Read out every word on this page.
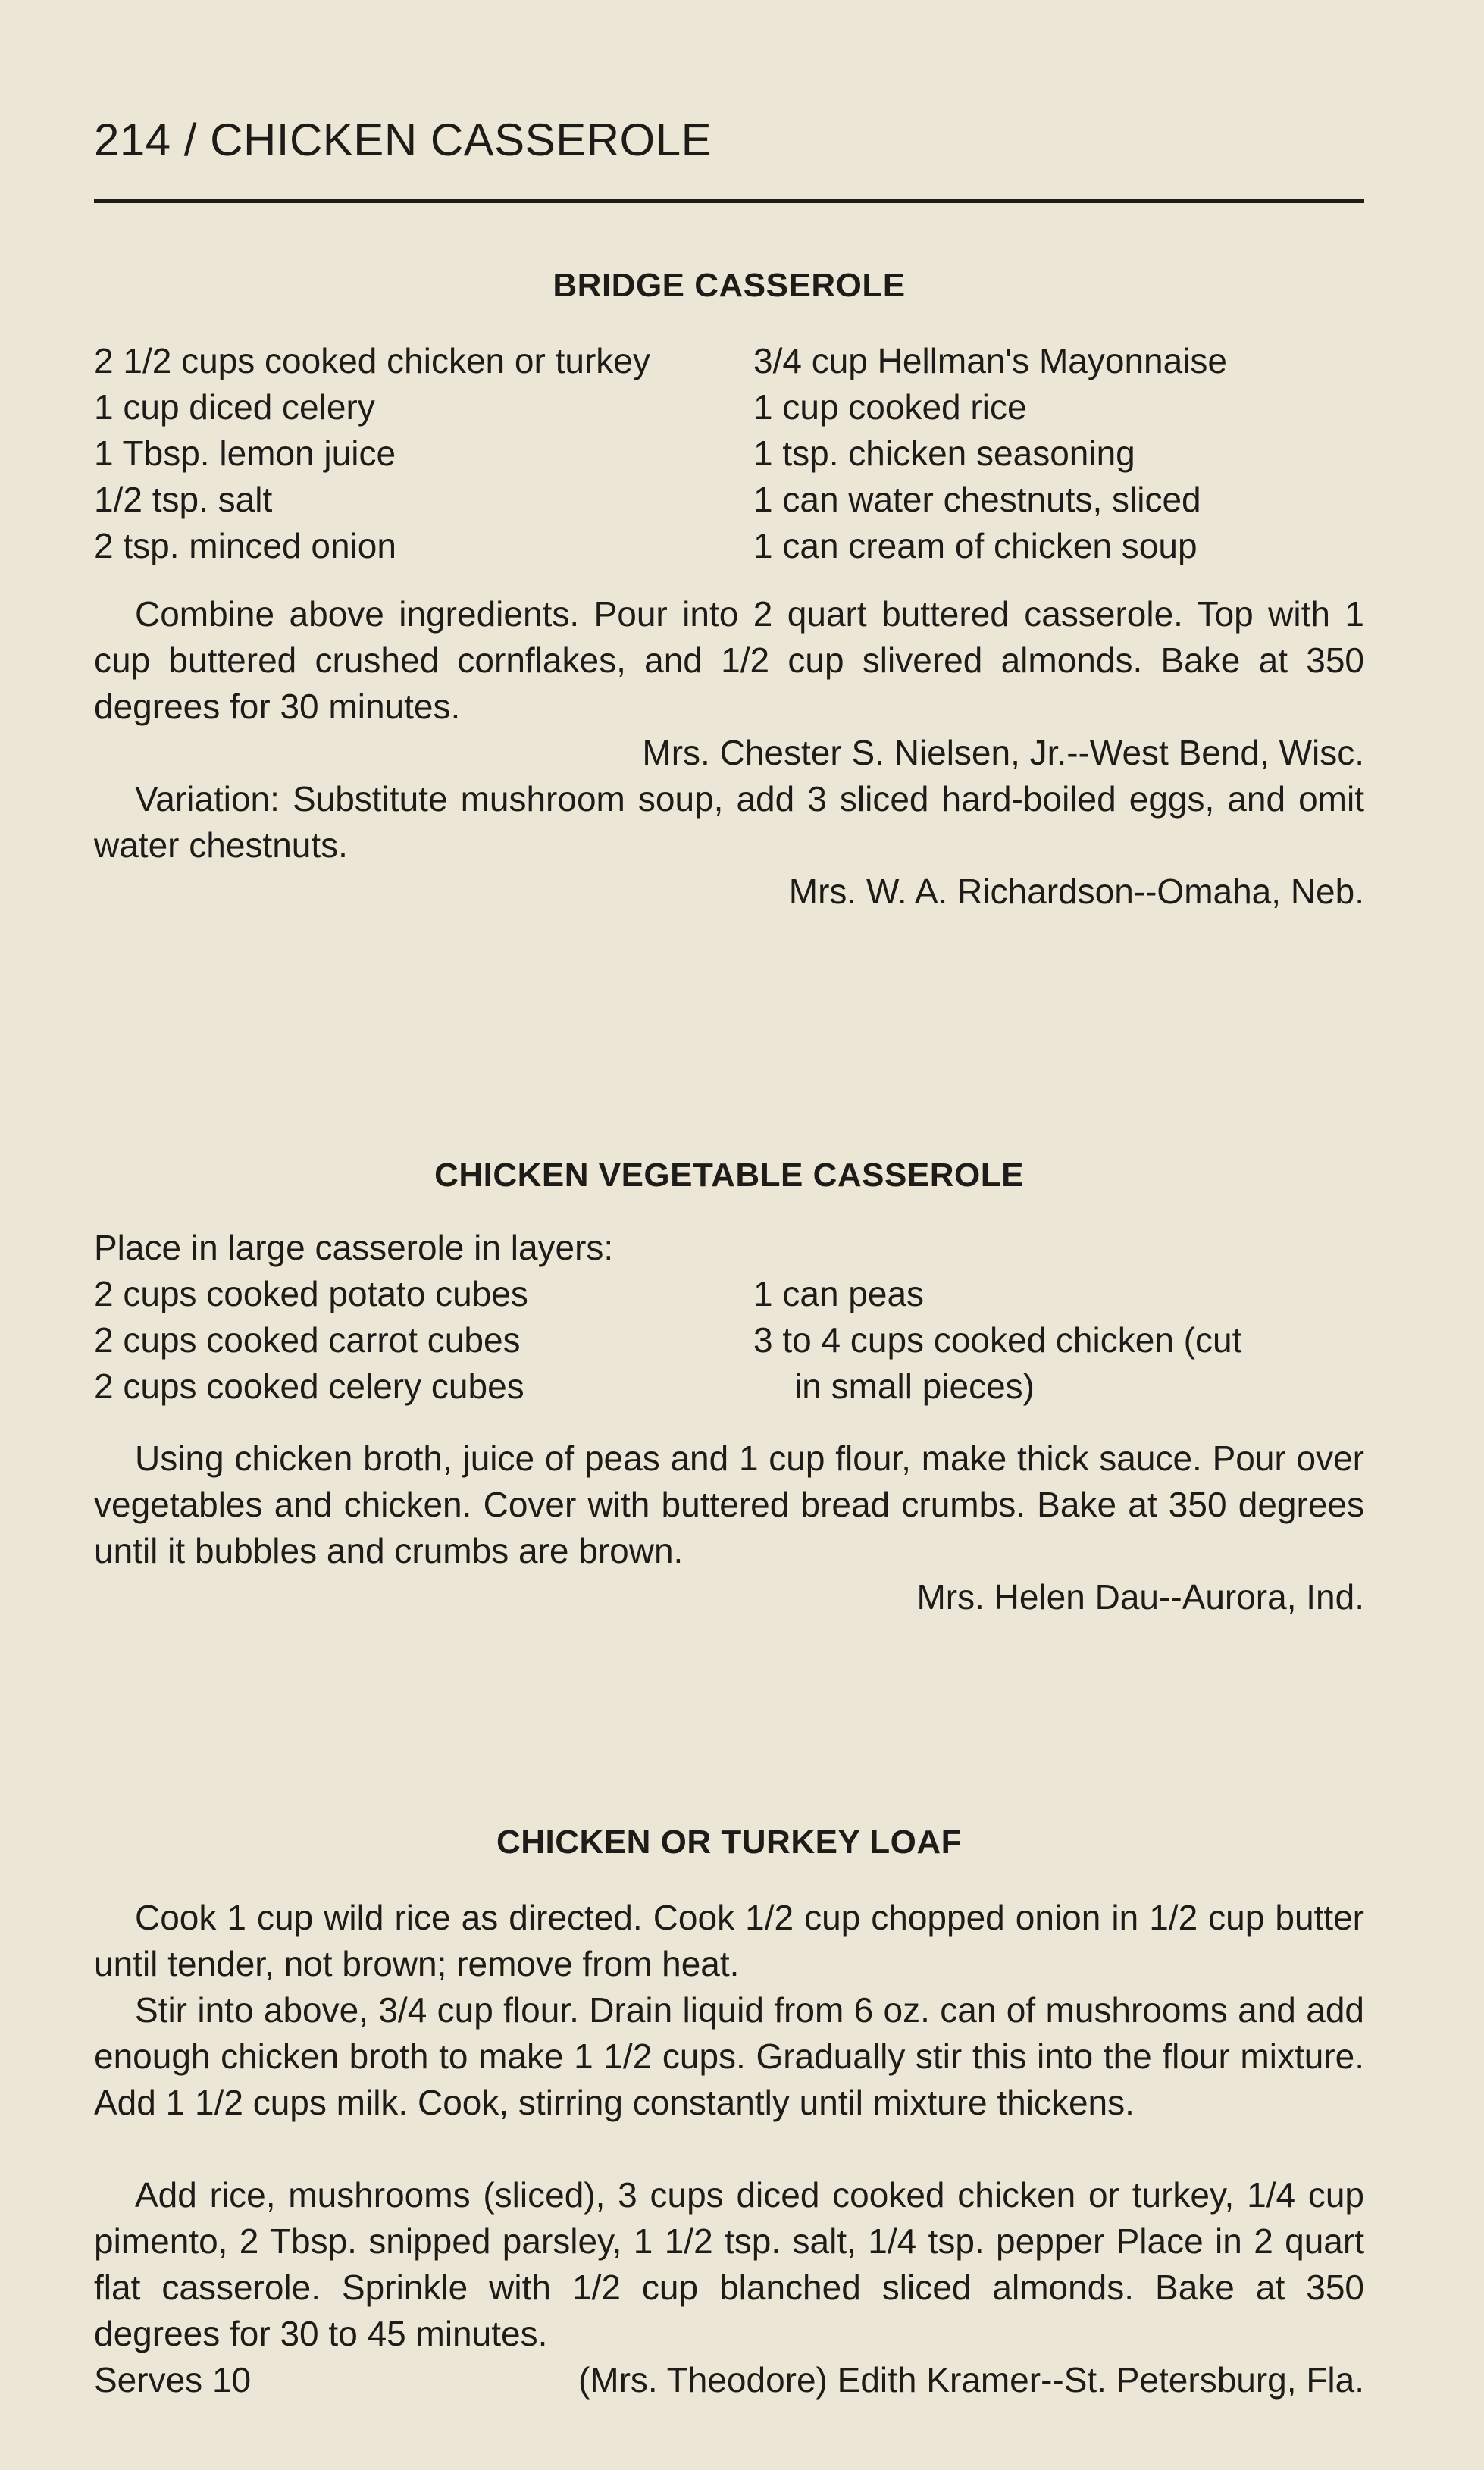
214 / CHICKEN CASSEROLE
BRIDGE CASSEROLE
2 1/2 cups cooked chicken or turkey
1 cup diced celery
1 Tbsp. lemon juice
1/2 tsp. salt
2 tsp. minced onion
3/4 cup Hellman's Mayonnaise
1 cup cooked rice
1 tsp. chicken seasoning
1 can water chestnuts, sliced
1 can cream of chicken soup
Combine above ingredients. Pour into 2 quart buttered casserole. Top with 1 cup buttered crushed cornflakes, and 1/2 cup slivered almonds. Bake at 350 degrees for 30 minutes.
Mrs. Chester S. Nielsen, Jr.--West Bend, Wisc.
Variation: Substitute mushroom soup, add 3 sliced hard-boiled eggs, and omit water chestnuts.
Mrs. W. A. Richardson--Omaha, Neb.
CHICKEN VEGETABLE CASSEROLE
Place in large casserole in layers:
2 cups cooked potato cubes
2 cups cooked carrot cubes
2 cups cooked celery cubes
1 can peas
3 to 4 cups cooked chicken (cut
in small pieces)
Using chicken broth, juice of peas and 1 cup flour, make thick sauce. Pour over vegetables and chicken. Cover with buttered bread crumbs. Bake at 350 degrees until it bubbles and crumbs are brown.
Mrs. Helen Dau--Aurora, Ind.
CHICKEN OR TURKEY LOAF
Cook 1 cup wild rice as directed. Cook 1/2 cup chopped onion in 1/2 cup butter until tender, not brown; remove from heat.
Stir into above, 3/4 cup flour. Drain liquid from 6 oz. can of mushrooms and add enough chicken broth to make 1 1/2 cups. Gradually stir this into the flour mixture. Add 1 1/2 cups milk. Cook, stirring constantly until mixture thickens.
Add rice, mushrooms (sliced), 3 cups diced cooked chicken or turkey, 1/4 cup pimento, 2 Tbsp. snipped parsley, 1 1/2 tsp. salt, 1/4 tsp. pepper Place in 2 quart flat casserole. Sprinkle with 1/2 cup blanched sliced almonds. Bake at 350 degrees for 30 to 45 minutes.
Serves 10	(Mrs. Theodore) Edith Kramer--St. Petersburg, Fla.
